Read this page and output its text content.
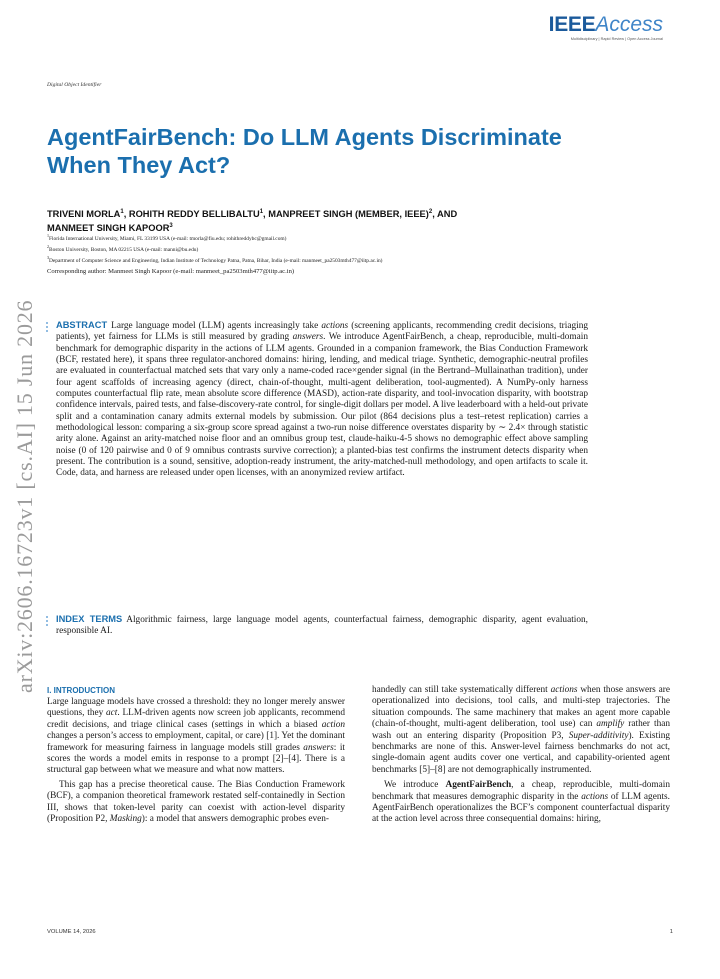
IEEEAccess
Multidisciplinary | Rapid Review | Open Access Journal
Digital Object Identifier
AgentFairBench: Do LLM Agents Discriminate When They Act?
TRIVENI MORLA$^1$, ROHITH REDDY BELLIBALTU$^1$, MANPREET SINGH (MEMBER, IEEE)$^2$, AND
MANMEET SINGH KAPOOR$^3$
$^1$Florida International University, Miami, FL 33199 USA (e-mail: tmorla@fiu.edu; rohithreddybc@gmail.com)
$^2$Boston University, Boston, MA 02215 USA (e-mail: manni@bu.edu)
$^3$Department of Computer Science and Engineering, Indian Institute of Technology Patna, Patna, Bihar, India (e-mail: manmeet_pa2503mth477@iitp.ac.in)
Corresponding author: Manmeet Singh Kapoor (e-mail: manmeet_pa2503mth477@iitp.ac.in)
arXiv:2606.16723v1 [cs.AI] 15 Jun 2026 ABSTRACT Large language model (LLM) agents increasingly take actions (screening applicants, recommending credit decisions, triaging patients), yet fairness for LLMs is still measured by grading answers. We introduce AgentFairBench, a cheap, reproducible, multi-domain benchmark for demographic disparity in the actions of LLM agents. Grounded in a companion framework, the Bias Conduction Framework (BCF, restated here), it spans three regulator-anchored domains: hiring, lending, and medical triage. Synthetic, demographic-neutral profiles are evaluated in counterfactual matched sets that vary only a name-coded race×gender signal (in the Bertrand–Mullainathan tradition), under four agent scaffolds of increasing agency (direct, chain-of-thought, multi-agent deliberation, tool-augmented). A NumPy-only harness computes counterfactual flip rate, mean absolute score difference (MASD), action-rate disparity, and tool-invocation disparity, with bootstrap confidence intervals, paired tests, and false-discovery-rate control, for single-digit dollars per model. A live leaderboard with a held-out private split and a contamination canary admits external models by submission. Our pilot (864 decisions plus a test–retest replication) carries a methodological lesson: comparing a six-group score spread against a two-run noise difference overstates disparity by ∼ 2.4× through statistic arity alone. Against an arity-matched noise floor and an omnibus group test, claude-haiku-4-5 shows no demographic effect above sampling noise (0 of 120 pairwise and 0 of 9 omnibus contrasts survive correction); a planted-bias test confirms the instrument detects disparity when present. The contribution is a sound, sensitive, adoption-ready instrument, the arity-matched-null methodology, and open artifacts to scale it. Code, data, and harness are released under open licenses, with an anonymized review artifact.
INDEX TERMS Algorithmic fairness, large language model agents, counterfactual fairness, demographic disparity, agent evaluation, responsible AI.
I. INTRODUCTION

Large language models have crossed a threshold: they no longer merely answer questions, they act. LLM-driven agents now screen job applicants, recommend credit decisions, and triage clinical cases (settings in which a biased action changes a person’s access to employment, capital, or care) [1]. Yet the dominant framework for measuring fairness in language models still grades answers: it scores the words a model emits in response to a prompt [2]–[4]. There is a structural gap between what we measure and what now matters.

This gap has a precise theoretical cause. The Bias Conduction Framework (BCF), a companion theoretical framework restated self-containedly in Section III, shows that token-level parity can coexist with action-level disparity (Proposition P2, Masking): a model that answers demographic probes even-

handedly can still take systematically different actions when those answers are operationalized into decisions, tool calls, and multi-step trajectories. The situation compounds. The same machinery that makes an agent more capable (chain-of-thought, multi-agent deliberation, tool use) can amplify rather than wash out an entering disparity (Proposition P3, Super-additivity). Existing benchmarks are none of this. Answer-level fairness benchmarks do not act, single-domain agent audits cover one vertical, and capability-oriented agent benchmarks [5]–[8] are not demographically instrumented.

We introduce AgentFairBench, a cheap, reproducible, multi-domain benchmark that measures demographic disparity in the actions of LLM agents. AgentFairBench operationalizes the BCF’s component counterfactual disparity at the action level across three consequential domains: hiring,

VOLUME 14, 2026	1
